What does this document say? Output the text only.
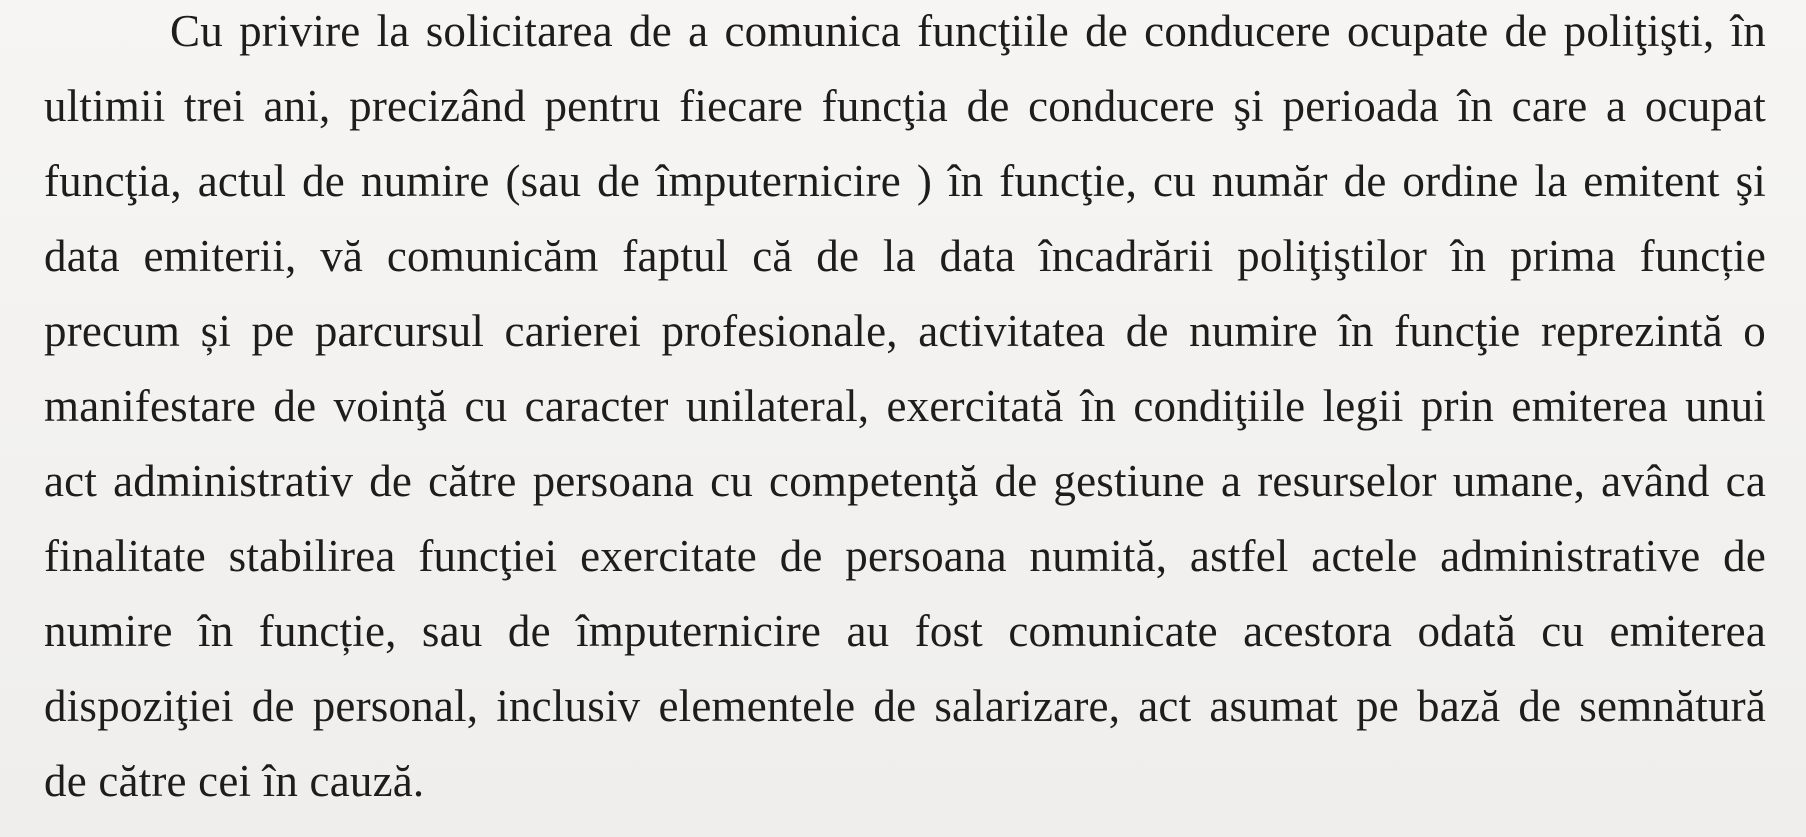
Cu privire la solicitarea de a comunica funcţiile de conducere ocupate de poliţişti, în
ultimii trei ani, precizând pentru fiecare funcţia de conducere şi perioada în care a ocupat
funcţia, actul de numire (sau de împuternicire ) în funcţie, cu număr de ordine la emitent şi
data emiterii, vă comunicăm faptul că de la data încadrării poliţiştilor în prima funcție
precum și pe parcursul carierei profesionale, activitatea de numire în funcţie reprezintă o
manifestare de voinţă cu caracter unilateral, exercitată în condiţiile legii prin emiterea unui
act administrativ de către persoana cu competenţă de gestiune a resurselor umane, având ca
finalitate stabilirea funcţiei exercitate de persoana numită, astfel actele administrative de
numire în funcție, sau de împuternicire au fost comunicate acestora odată cu emiterea
dispoziţiei de personal, inclusiv elementele de salarizare, act asumat pe bază de semnătură
de către cei în cauză.
